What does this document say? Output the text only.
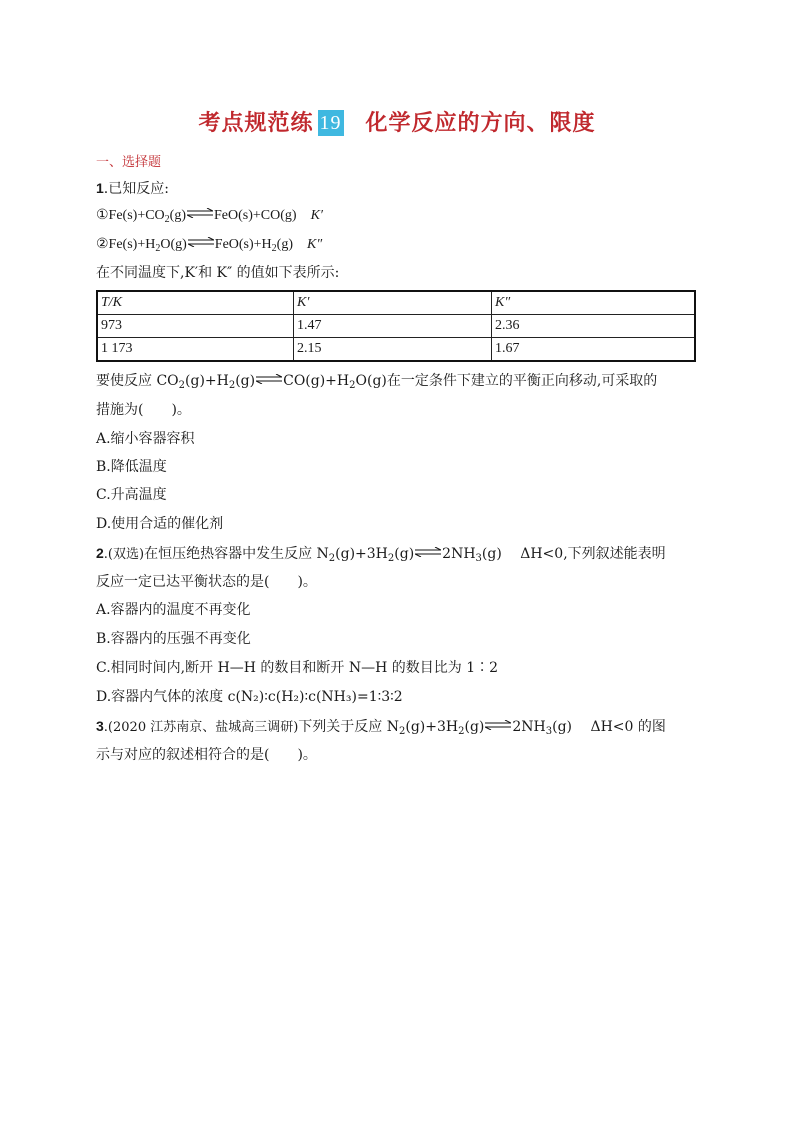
考点规范练 19 化学反应的方向、限度
一、选择题
1.已知反应:
$①Fe(s)+CO_2(g)\rightleftharpoons FeO(s)+CO(g)$ K′
$②Fe(s)+H_2O(g)\rightleftharpoons FeO(s)+H_2(g)$ K″
在不同温度下,K′和 K″ 的值如下表所示:
T/K	K′	K″
973	1.47	2.36
1 173	2.15	1.67
要使反应 $CO_2(g)+H_2(g)\rightleftharpoons CO(g)+H_2O(g)$在一定条件下建立的平衡正向移动,可采取的
措施为(　　)。
A.缩小容器容积
B.降低温度
C.升高温度
D.使用合适的催化剂
2.(双选)在恒压绝热容器中发生反应 $N_2(g)+3H_2(g)\rightleftharpoons 2NH_3(g)$　 ΔH<0,下列叙述能表明
反应一定已达平衡状态的是(　　)。
A.容器内的温度不再变化
B.容器内的压强不再变化
C.相同时间内,断开 H—H 的数目和断开 N—H 的数目比为 1∶2
D.容器内气体的浓度 c(N₂)∶c(H₂)∶c(NH₃)=1∶3∶2
3.(2020 江苏南京、盐城高三调研)下列关于反应 $N_2(g)+3H_2(g)\rightleftharpoons 2NH_3(g)$　 ΔH<0 的图
示与对应的叙述相符合的是(　　)。
